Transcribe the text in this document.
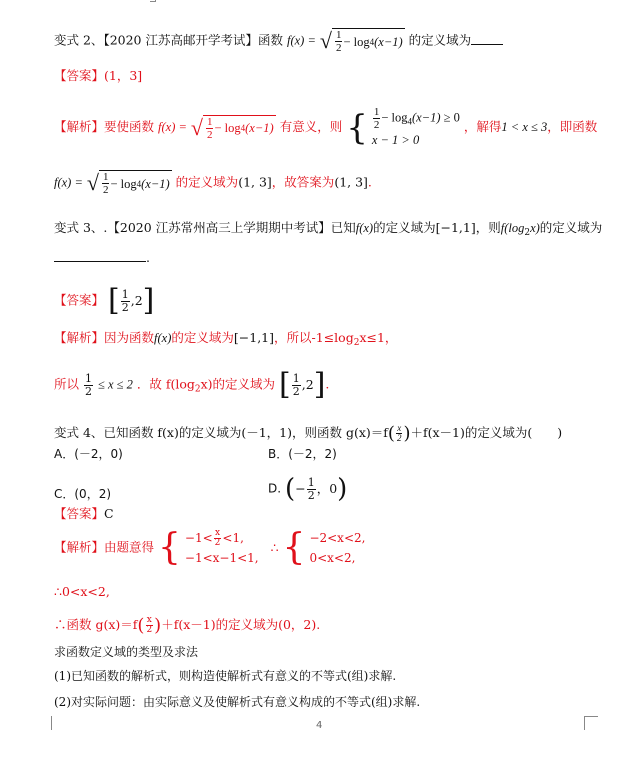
变式 2、【2020 江苏高邮开学考试】函数 f(x) = √ $\frac{1}{2} - \log 4$ (x−1) 的定义域为
【答案】(1，3]
【解析】要使函数 f(x) = √ $\frac{1}{2} - \log 4$ (x−1) 有意义，则 { $\frac{1}{2} - \log_4(x-1) \ge 0$
x − 1 > 0
，解得1 < x ≤ 3，即函数
f(x) = √ $\frac{1}{2} - \log 4$ (x−1) 的定义域为(1, 3]，故答案为(1, 3].
变式 3、.【2020 江苏常州高三上学期期中考试】已知f(x)的定义域为[−1,1]，则$f(\log_2x)$的定义域为
.
【答案】 [ $\frac{1}{2} ,2$ ]
【解析】因为函数f(x)的定义域为[−1,1]，所以$-1\le\log_2x\le 1$，
所以 $\frac{1}{2} \le x \le 2$ ．故 $f(\log_2x)$的定义域为 [ $\frac{1}{2} ,2$ ] .
变式 4、已知函数 f(x)的定义域为(－1，1)，则函数 g(x)＝f ( $\frac{x}{2}$ ) ＋f(x－1)的定义域为(　　)
A．(－2，0)	B．(－2，2)
C．(0，2)	D. ( − $\frac{1}{2}$ ，0 )
【答案】C
【解析】由题意得 { $-1< \frac{x}{2} <1$,
−1<x−1<1,
∴ { −2<x<2,
0<x<2,
∴0<x<2,
∴函数 g(x)＝f ( $\frac{x}{2}$ ) ＋f(x－1)的定义域为(0，2).
求函数定义域的类型及求法
(1)已知函数的解析式，则构造使解析式有意义的不等式(组)求解.
(2)对实际问题：由实际意义及使解析式有意义构成的不等式(组)求解.
4
